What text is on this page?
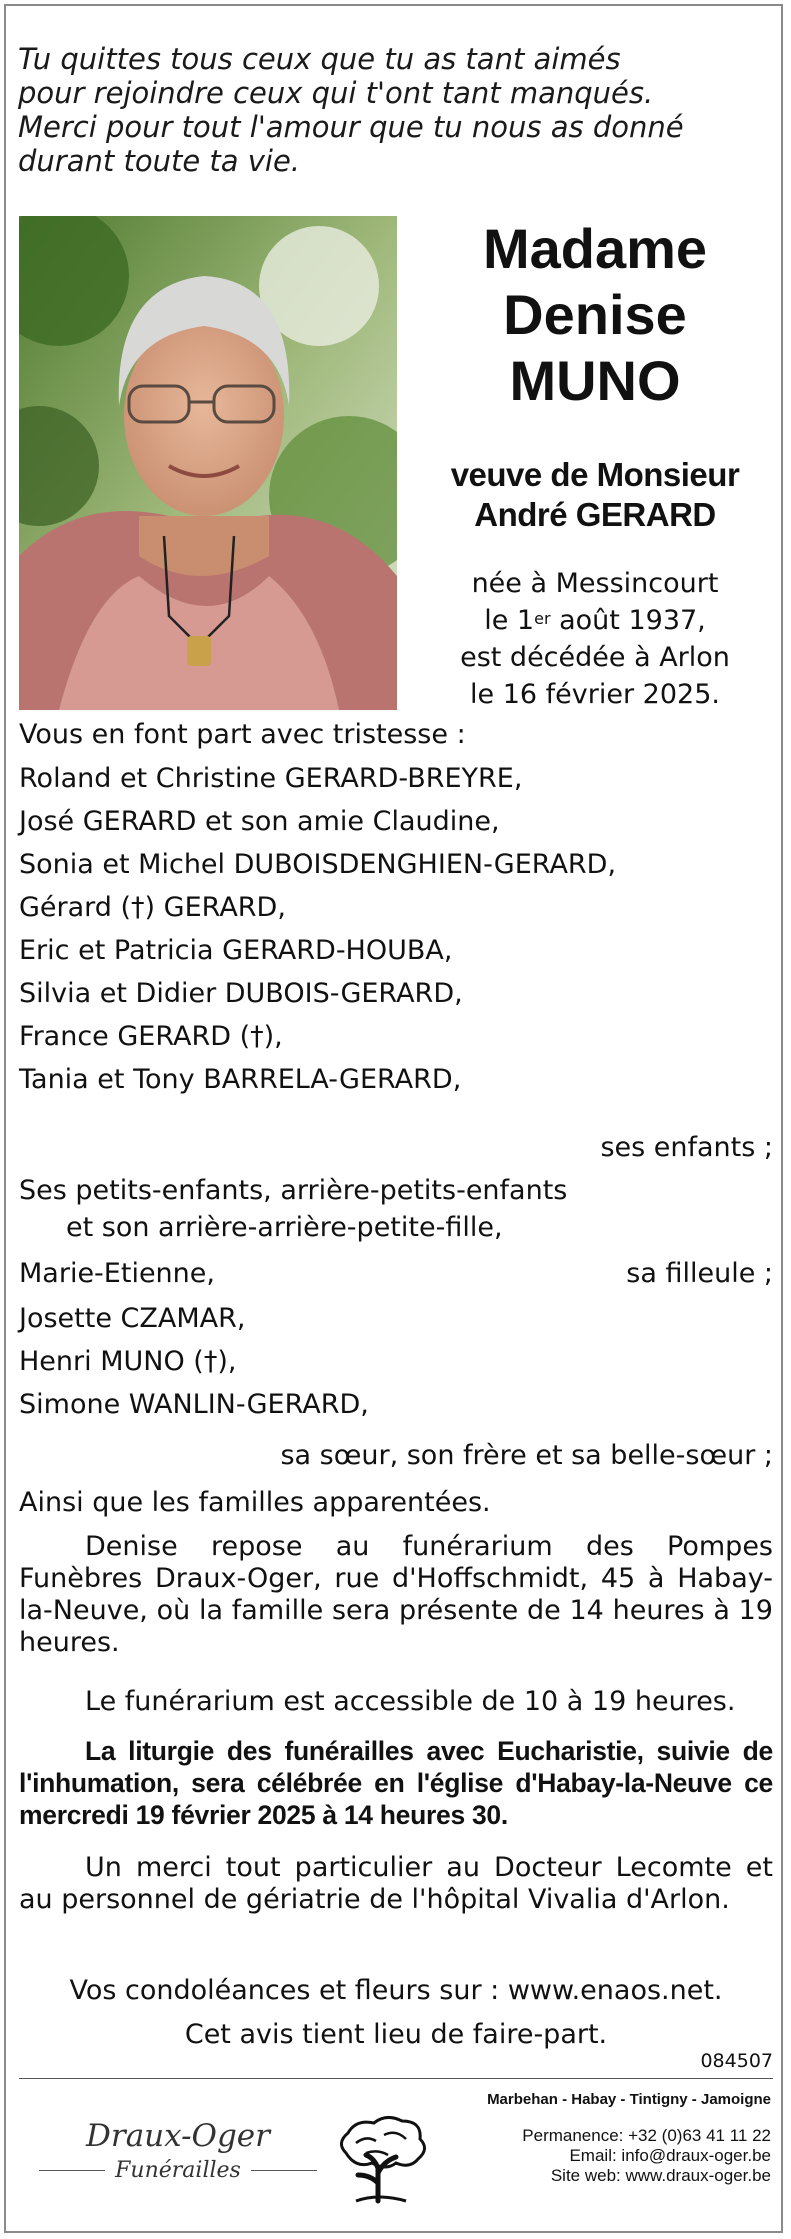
Tu quittes tous ceux que tu as tant aimés
pour rejoindre ceux qui t'ont tant manqués.
Merci pour tout l'amour que tu nous as donné
durant toute ta vie.
Madame
Denise
MUNO
veuve de Monsieur
André GERARD
née à Messincourt
le 1er août 1937,
est décédée à Arlon
le 16 février 2025.
Vous en font part avec tristesse :
Roland et Christine GERARD-BREYRE,
José GERARD et son amie Claudine,
Sonia et Michel DUBOISDENGHIEN-GERARD,
Gérard (†) GERARD,
Eric et Patricia GERARD-HOUBA,
Silvia et Didier DUBOIS-GERARD,
France GERARD (†),
Tania et Tony BARRELA-GERARD,
ses enfants ;
Ses petits-enfants, arrière-petits-enfants
et son arrière-arrière-petite-fille,
Marie-Etienne,	sa filleule ;
Josette CZAMAR,
Henri MUNO (†),
Simone WANLIN-GERARD,
sa sœur, son frère et sa belle-sœur ;
Ainsi que les familles apparentées.
Denise repose au funérarium des Pompes Funèbres Draux-Oger, rue d'Hoffschmidt, 45 à Habay-la-Neuve, où la famille sera présente de 14 heures à 19 heures.
Le funérarium est accessible de 10 à 19 heures.
La liturgie des funérailles avec Eucharistie, suivie de l'inhumation, sera célébrée en l'église d'Habay-la-Neuve ce mercredi 19 février 2025 à 14 heures 30.
Un merci tout particulier au Docteur Lecomte et au personnel de gériatrie de l'hôpital Vivalia d'Arlon.
Vos condoléances et fleurs sur : www.enaos.net.
Cet avis tient lieu de faire-part.
084507
Draux-Oger
Funérailles
Marbehan - Habay - Tintigny - Jamoigne
Permanence: +32 (0)63 41 11 22
Email: info@draux-oger.be
Site web: www.draux-oger.be
